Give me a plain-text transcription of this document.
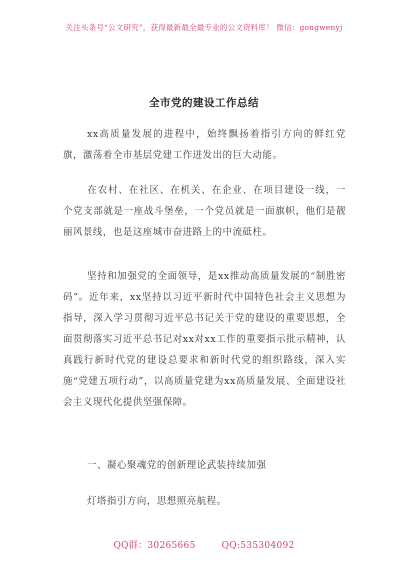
关注头条号“公文研究”，获得最新最全最专业的公文资料库！ 微信：gongwenyj
全市党的建设工作总结
xx高质量发展的进程中，始终飘扬着指引方向的鲜红党旗，激荡着全市基层党建工作迸发出的巨大动能。
在农村、在社区、在机关、在企业、在项目建设一线，一个党支部就是一座战斗堡垒，一个党员就是一面旗帜，他们是靓丽风景线，也是这座城市奋进路上的中流砥柱。
坚持和加强党的全面领导，是xx推动高质量发展的“制胜密码”。近年来，xx坚持以习近平新时代中国特色社会主义思想为指导，深入学习贯彻习近平总书记关于党的建设的重要思想，全面贯彻落实习近平总书记对xx对xx工作的重要指示批示精神，认真践行新时代党的建设总要求和新时代党的组织路线，深入实施“党建五项行动”，以高质量党建为xx高质量发展、全面建设社会主义现代化提供坚强保障。
一、凝心聚魂党的创新理论武装持续加强
灯塔指引方向，思想照亮航程。
QQ群：30265665	QQ:535304092
